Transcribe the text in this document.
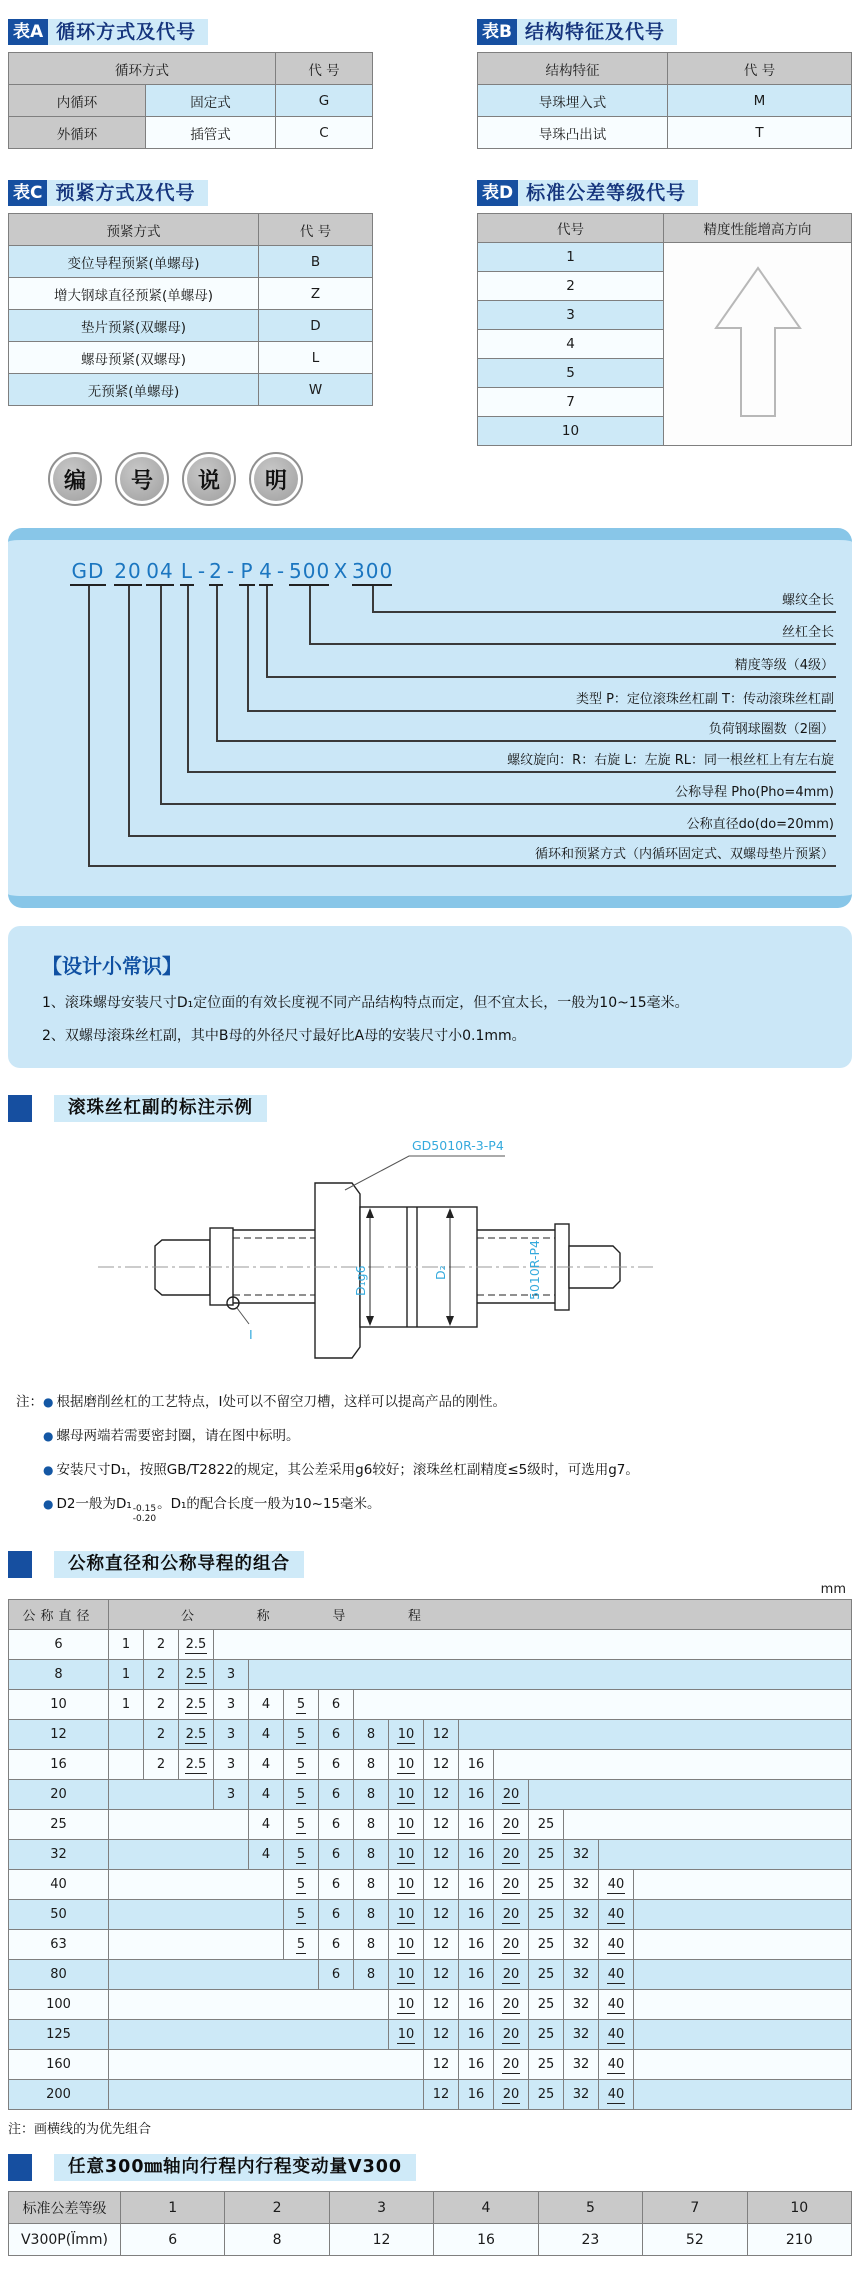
表A 循环方式及代号
循环方式		代 号
内循环	固定式	G
外循环	插管式	C
表B 结构特征及代号
结构特征	代 号
导珠埋入式	M
导珠凸出试	T
表C 预紧方式及代号
预紧方式	代 号
变位导程预紧(单螺母)	B
增大钢球直径预紧(单螺母)	Z
垫片预紧(双螺母)	D
螺母预紧(双螺母)	L
无预紧(单螺母)	W
表D 标准公差等级代号
代号	精度性能增高方向
1	
2	
3	
4	
5	
7	
10	
编	号	说	明
GD
循环和预紧方式（内循环固定式、双螺母垫片预紧）
20
公称直径do(do=20mm)
04
公称导程 Pho(Pho=4mm)
L
螺纹旋向：R：右旋 L：左旋 RL：同一根丝杠上有左右旋
- 2
负荷钢球圈数（2圈）
- P
类型 P：定位滚珠丝杠副 T：传动滚珠丝杠副
4
精度等级（4级）
- 500
丝杠全长
X 300
螺纹全长
【设计小常识】
1、滚珠螺母安装尺寸D₁定位面的有效长度视不同产品结构特点而定，但不宜太长，一般为10~15毫米。
2、双螺母滚珠丝杠副，其中B母的外径尺寸最好比A母的安装尺寸小0.1mm。
滚珠丝杠副的标注示例
D₁g6	D₂	5010R-P4
GD5010R-3-P4
Ⅰ
注：● 根据磨削丝杠的工艺特点，Ⅰ处可以不留空刀槽，这样可以提高产品的刚性。
● 螺母两端若需要密封圈，请在图中标明。
● 安装尺寸D₁，按照GB/T2822的规定，其公差采用g6较好；滚珠丝杠副精度≤5级时，可选用g7。
● D2一般为D₁ -0.15
-0.20
。D₁的配合长度一般为10~15毫米。
公称直径和公称导程的组合
mm
公称直径	公 称 导 程															

6	1	2	2.5													
8	1	2	2.5	3												
10	1	2	2.5	3	4	5	6									
12		2	2.5	3	4	5	6	8	10	12						
16		2	2.5	3	4	5	6	8	10	12	16					
20				3	4	5	6	8	10	12	16	20				
25					4	5	6	8	10	12	16	20	25			
32					4	5	6	8	10	12	16	20	25	32		
40						5	6	8	10	12	16	20	25	32	40	
50						5	6	8	10	12	16	20	25	32	40	
63						5	6	8	10	12	16	20	25	32	40	
80							6	8	10	12	16	20	25	32	40	
100									10	12	16	20	25	32	40	
125									10	12	16	20	25	32	40	
160										12	16	20	25	32	40	
200										12	16	20	25	32	40	
注：画横线的为优先组合
任意300㎜轴向行程内行程变动量V300
标准公差等级	1	2	3	4	5	7	10
V300P(Ïmm)	6	8	12	16	23	52	210
